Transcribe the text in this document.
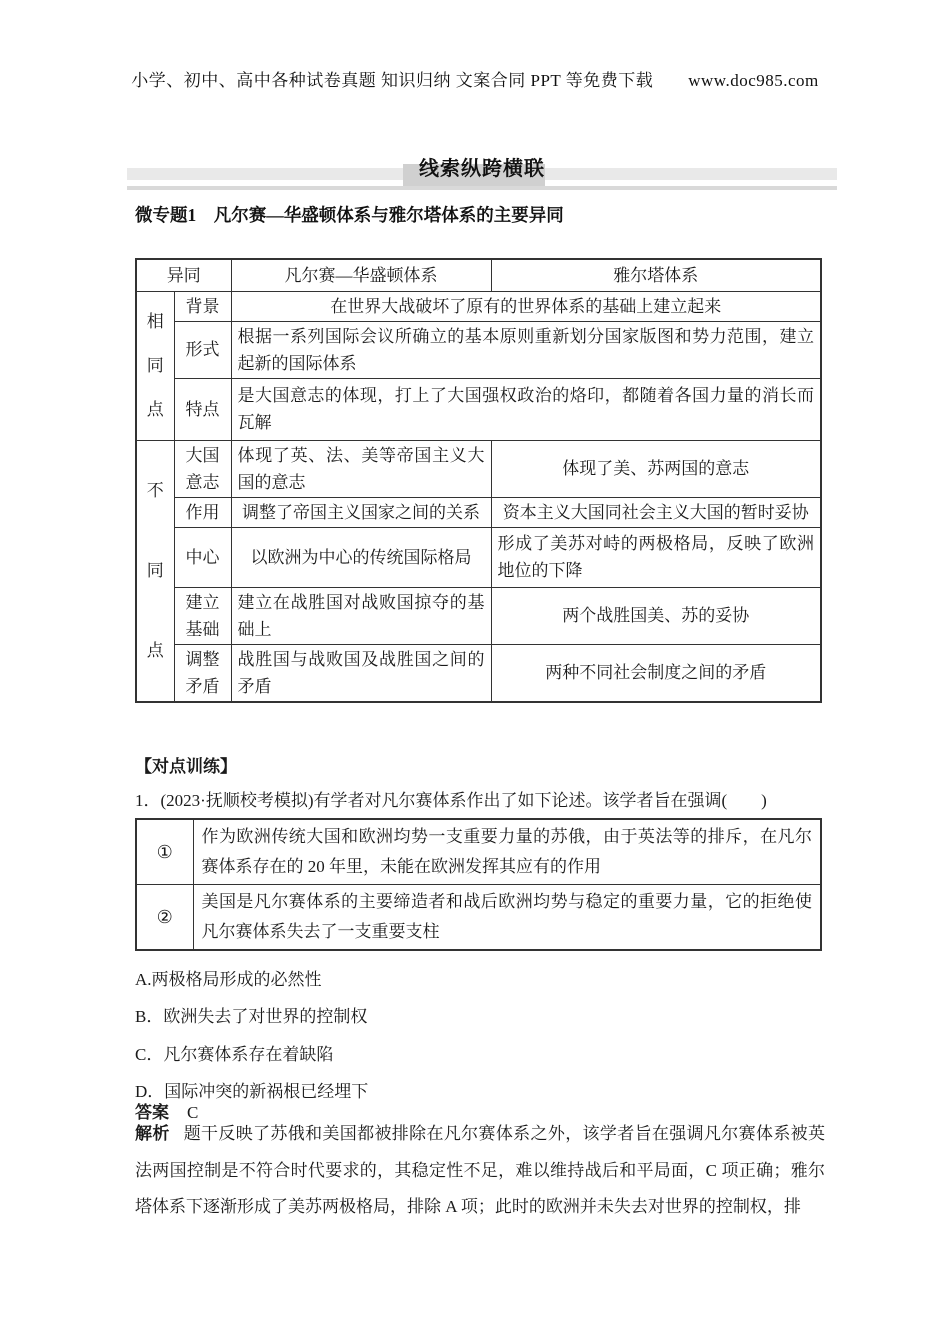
小学、初中、高中各种试卷真题 知识归纳 文案合同 PPT 等免费下载　　www.doc985.com
线索纵跨横联
微专题1　凡尔赛—华盛顿体系与雅尔塔体系的主要异同
异同		凡尔赛—华盛顿体系	雅尔塔体系
相同点	背景	在世界大战破坏了原有的世界体系的基础上建立起来	
	形式	根据一系列国际会议所确立的基本原则重新划分国家版图和势力范围，建立起新的国际体系	
	特点	是大国意志的体现，打上了大国强权政治的烙印，都随着各国力量的消长而瓦解	
不同点	大国意志	体现了英、法、美等帝国主义大国的意志	体现了美、苏两国的意志
	作用	调整了帝国主义国家之间的关系	资本主义大国同社会主义大国的暂时妥协
	中心	以欧洲为中心的传统国际格局	形成了美苏对峙的两极格局，反映了欧洲地位的下降
	建立基础	建立在战胜国对战败国掠夺的基础上	两个战胜国美、苏的妥协
	调整矛盾	战胜国与战败国及战胜国之间的矛盾	两种不同社会制度之间的矛盾
【对点训练】
1．(2023·抚顺校考模拟)有学者对凡尔赛体系作出了如下论述。该学者旨在强调(　　)
①	作为欧洲传统大国和欧洲均势一支重要力量的苏俄，由于英法等的排斥，在凡尔赛体系存在的 20 年里，未能在欧洲发挥其应有的作用
②	美国是凡尔赛体系的主要缔造者和战后欧洲均势与稳定的重要力量，它的拒绝使凡尔赛体系失去了一支重要支柱
A.两极格局形成的必然性
B．欧洲失去了对世界的控制权
C．凡尔赛体系存在着缺陷
D．国际冲突的新祸根已经埋下
答案 C
解析 题干反映了苏俄和美国都被排除在凡尔赛体系之外，该学者旨在强调凡尔赛体系被英法两国控制是不符合时代要求的，其稳定性不足，难以维持战后和平局面，C 项正确；雅尔塔体系下逐渐形成了美苏两极格局，排除 A 项；此时的欧洲并未失去对世界的控制权，排
